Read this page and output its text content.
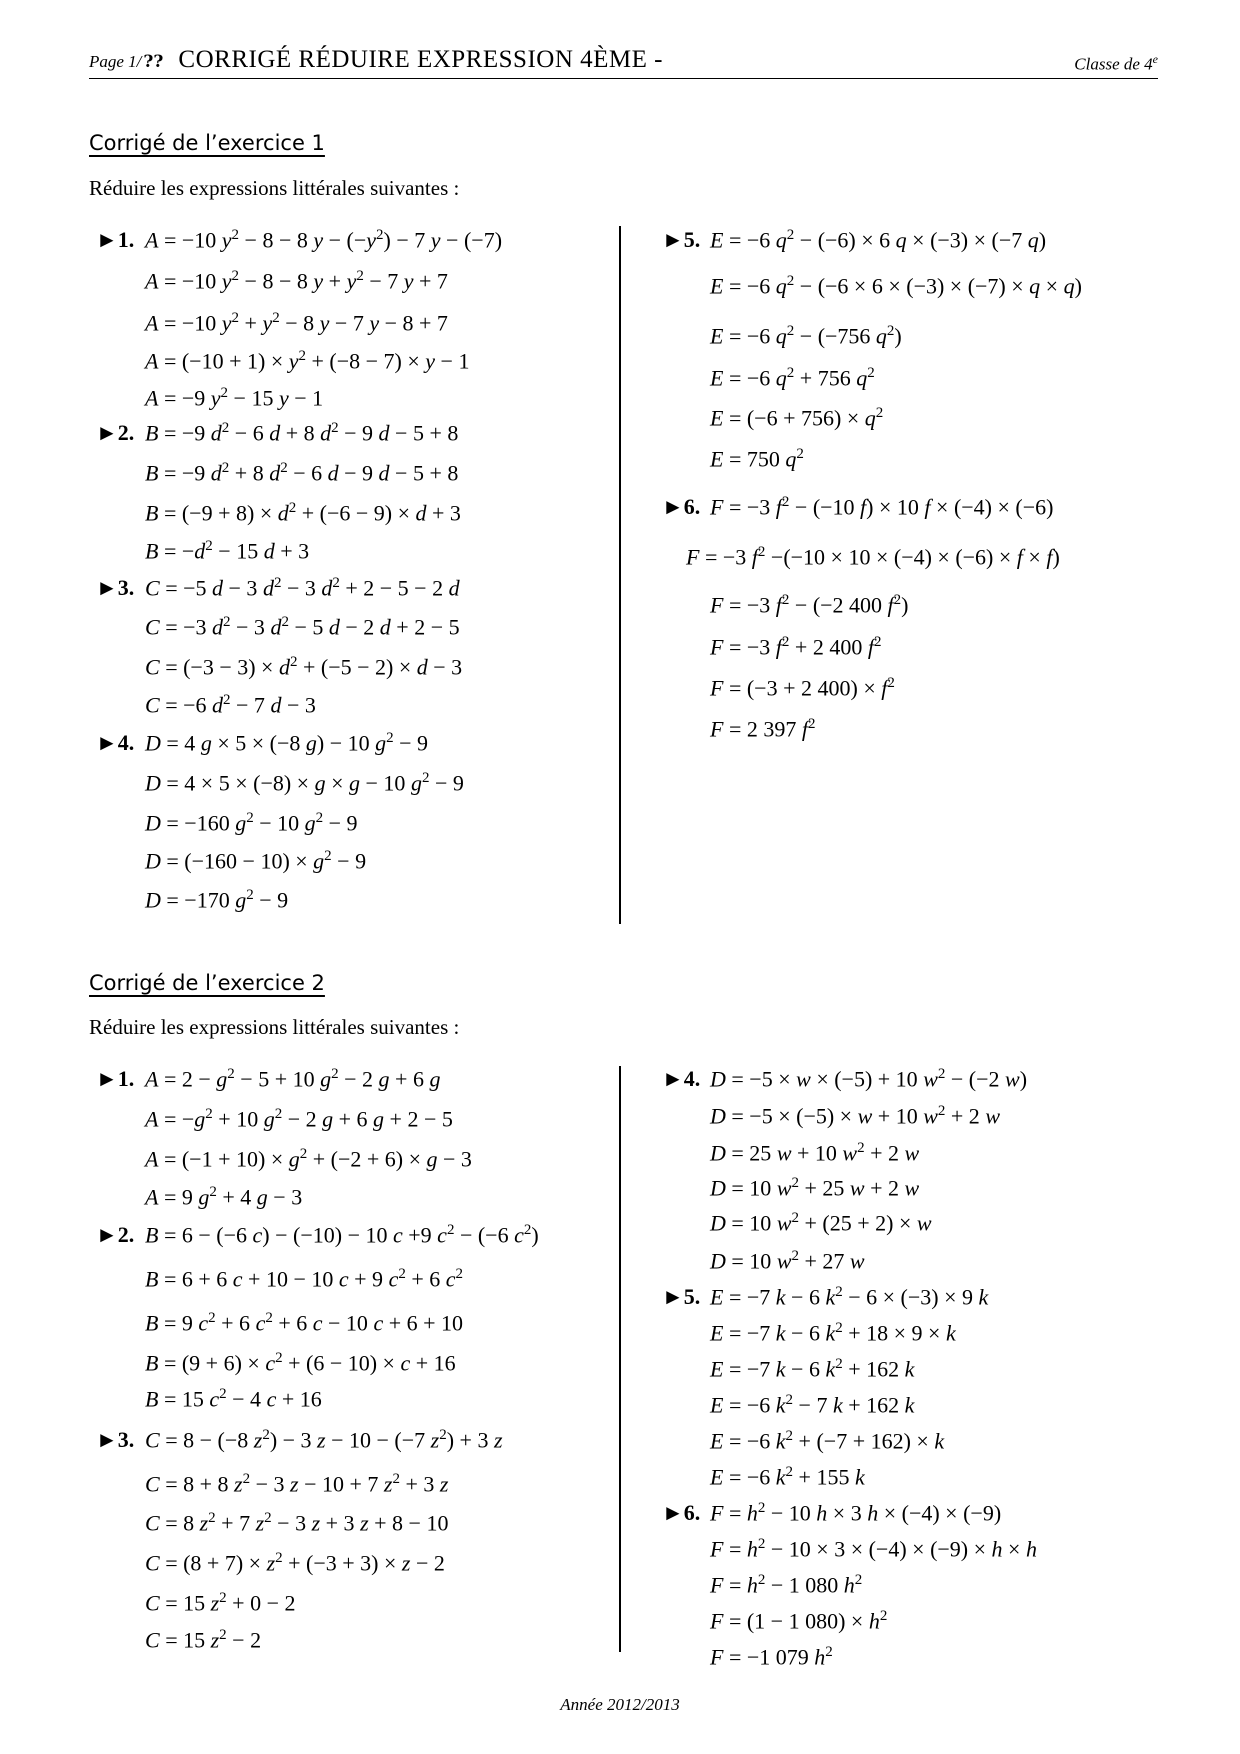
Page 1/ ?? CORRIGÉ RÉDUIRE EXPRESSION 4ÈME -	Classe de 4e
Corrigé de l’exercice 1
Réduire les expressions littérales suivantes :
►1. A = −10 $y^2 - 8 - 8$ $y - (-y^2) - 7$ y − (−7)
A = −10 $y^2 - 8 - 8$ $y + y^2 - 7$ y + 7
A = −10 $y^2 + y^2 - 8$ y − 7 y − 8 + 7
$A = (-10 + 1) \times y^2 + (-8 - 7) \times y - 1$
A = −9 $y^2 - 15$ y − 1
►2. B = −9 $d^2 - 6$ d + 8 $d^2 - 9$ d − 5 + 8
B = −9 $d^2 + 8$ $d^2 - 6$ d − 9 d − 5 + 8
$B = (-9 + 8) \times d^2 + (-6 - 9) \times d + 3$
$B = -d^2 - 15$ d + 3
►3. C = −5 d − 3 $d^2 - 3$ $d^2 + 2 - 5 - 2$ d
C = −3 $d^2 - 3$ $d^2 - 5$ d − 2 d + 2 − 5
$C = (-3 - 3) \times d^2 + (-5 - 2) \times d - 3$
C = −6 $d^2 - 7$ d − 3
►4. D = 4 g × 5 × (−8 g) − 10 $g^2 - 9$
D = 4 × 5 × (−8) × g × g − 10 $g^2 - 9$
D = −160 $g^2 - 10$ $g^2 - 9$
$D = (-160 - 10) \times g^2 - 9$
D = −170 $g^2 - 9$
►5. E = −6 $q^2 - (-6) \times 6$ q × (−3) × (−7 q)
E = −6 $q^2 - (-6 \times 6 \times (-3) \times (-7) \times q \times q)$
E = −6 $q^2 - (-756$ $q^2$)
E = −6 $q^2 + 756$ $q^2$
$E = (-6 + 756) \times q^2$
E = 750 $q^2$
►6. F = −3 $f^2 - (-10$ f) × 10 f × (−4) × (−6)
F = −3 $f^2 -(-10 \times 10 \times (-4) \times (-6) \times f \times f)$
F = −3 $f^2 - (-2$ 400 $f^2$)
F = −3 $f^2 + 2$ 400 $f^2$
F = (−3 + 2 $400) \times f^2$
F = 2 397 $f^2$
Corrigé de l’exercice 2
Réduire les expressions littérales suivantes :
►1. $A = 2 - g^2 - 5 + 10$ $g^2 - 2$ g + 6 g
$A = -g^2 + 10$ $g^2 - 2$ g + 6 g + 2 − 5
$A = (-1 + 10) \times g^2 + (-2 + 6) \times g - 3$
A = 9 $g^2 + 4$ g − 3
►2. B = 6 − (−6 c) − (−10) − 10 c +9 $c^2 - (-6$ $c^2$)
B = 6 + 6 c + 10 − 10 c + 9 $c^2 + 6$ $c^2$
B = 9 $c^2 + 6$ $c^2 + 6$ c − 10 c + 6 + 10
$B = (9 + 6) \times c^2 + (6 - 10) \times c + 16$
B = 15 $c^2 - 4$ c + 16
►3. C = 8 − (−8 $z^2) - 3$ z − 10 − (−7 $z^2) + 3$ z
C = 8 + 8 $z^2 - 3$ z − 10 + 7 $z^2 + 3$ z
C = 8 $z^2 + 7$ $z^2 - 3$ z + 3 z + 8 − 10
$C = (8 + 7) \times z^2 + (-3 + 3) \times z - 2$
C = 15 $z^2 + 0 - 2$
C = 15 $z^2 - 2$
►4. D = −5 × w × (−5) + 10 $w^2 - (-2$ w)
D = −5 × (−5) × w + 10 $w^2 + 2$ w
D = 25 w + 10 $w^2 + 2$ w
D = 10 $w^2 + 25$ w + 2 w
D = 10 $w^2 + (25 + 2) \times w$
D = 10 $w^2 + 27$ w
►5. E = −7 k − 6 $k^2 - 6 \times (-3) \times 9$ k
E = −7 k − 6 $k^2 + 18 \times 9 \times k$
E = −7 k − 6 $k^2 + 162$ k
E = −6 $k^2 - 7$ k + 162 k
E = −6 $k^2 + (-7 + 162) \times k$
E = −6 $k^2 + 155$ k
►6. $F = h^2 - 10$ h × 3 h × (−4) × (−9)
$F = h^2 - 10 \times 3 \times (-4) \times (-9) \times h \times h$
$F = h^2 - 1$ 080 $h^2$
F = (1 − 1 $080) \times h^2$
F = −1 079 $h^2$
Année 2012/2013
